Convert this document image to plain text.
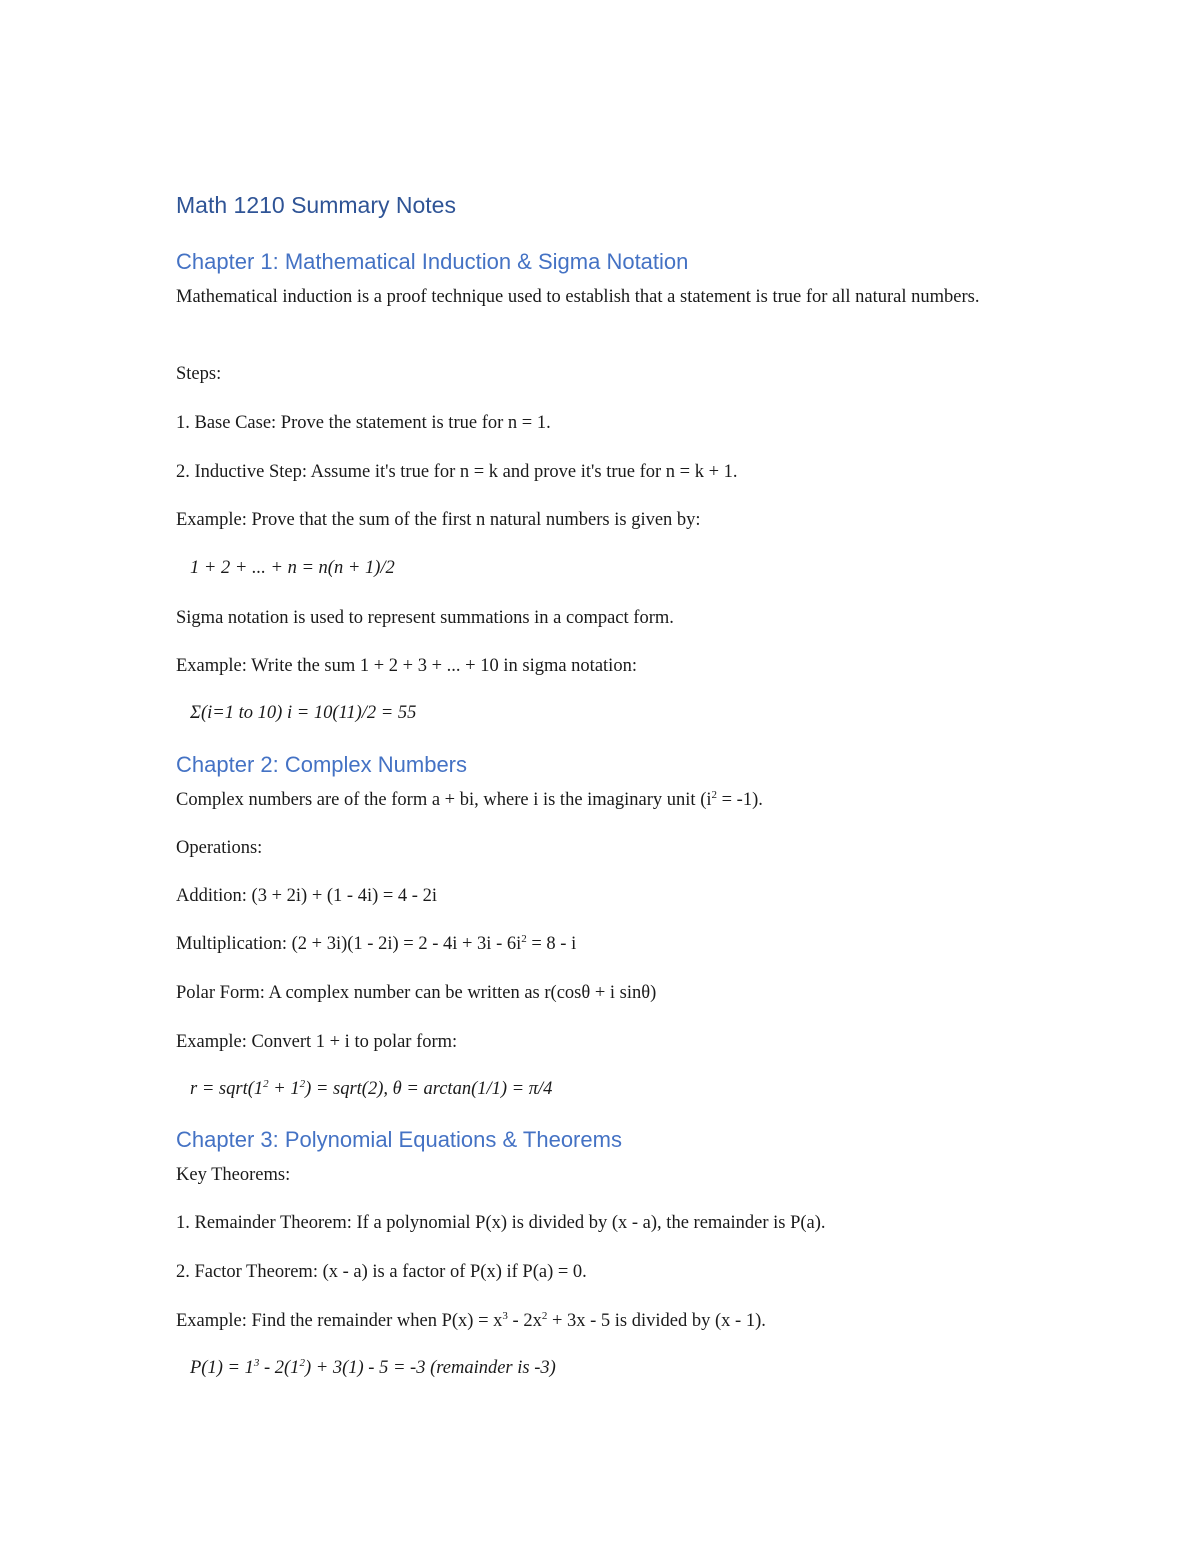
Math 1210 Summary Notes
Chapter 1: Mathematical Induction & Sigma Notation
Mathematical induction is a proof technique used to establish that a statement is true for all natural numbers.
Steps:
1. Base Case: Prove the statement is true for n = 1.
2. Inductive Step: Assume it's true for n = k and prove it's true for n = k + 1.
Example: Prove that the sum of the first n natural numbers is given by:
1 + 2 + ... + n = n(n + 1)/2
Sigma notation is used to represent summations in a compact form.
Example: Write the sum 1 + 2 + 3 + ... + 10 in sigma notation:
Σ(i=1 to 10) i = 10(11)/2 = 55
Chapter 2: Complex Numbers
Complex numbers are of the form a + bi, where i is the imaginary unit $(i^2 = -1)$.
Operations:
Addition: (3 + 2i) + (1 - 4i) = 4 - 2i
Multiplication: $(2 + 3i)(1 - 2i) = 2 - 4i + 3i - 6i^2 = 8 - i$
Polar Form: A complex number can be written as r(cosθ + i sinθ)
Example: Convert 1 + i to polar form:
$r = sqrt(1^2 + 1^2)$ = sqrt(2), θ = arctan(1/1) = π/4
Chapter 3: Polynomial Equations & Theorems
Key Theorems:
1. Remainder Theorem: If a polynomial P(x) is divided by (x - a), the remainder is P(a).
2. Factor Theorem: (x - a) is a factor of P(x) if P(a) = 0.
Example: Find the remainder when $P(x) = x^3 - 2x^2 + 3x - 5$ is divided by (x - 1).
$P(1) = 1^3 - 2(1^2) + 3(1) - 5 = -3$ (remainder is -3)
